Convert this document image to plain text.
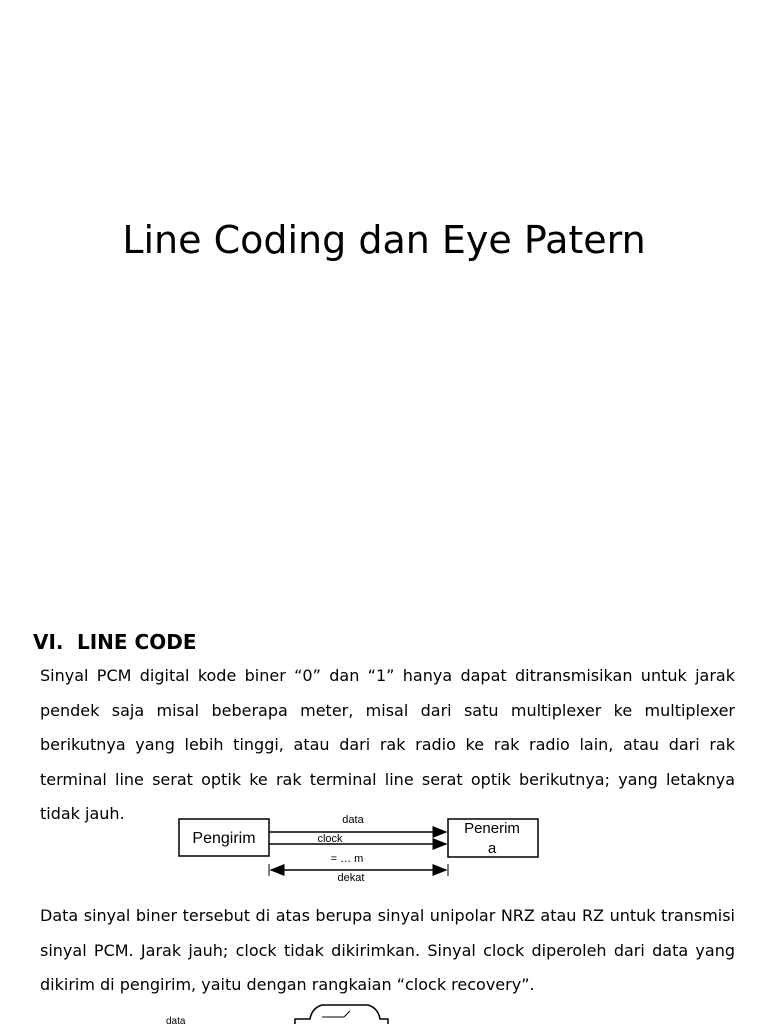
Line Coding dan Eye Patern
VI. LINE CODE
Sinyal PCM digital kode biner “0” dan “1” hanya dapat ditransmisikan untuk jarak pendek saja misal beberapa meter, misal dari satu multiplexer ke multiplexer berikutnya yang lebih tinggi, atau dari rak radio ke rak radio lain, atau dari rak terminal line serat optik ke rak terminal line serat optik berikutnya; yang letaknya tidak jauh.
Pengirim
Penerim
a
data
clock
= … m
dekat
Data sinyal biner tersebut di atas berupa sinyal unipolar NRZ atau RZ untuk transmisi sinyal PCM. Jarak jauh; clock tidak dikirimkan. Sinyal clock diperoleh dari data yang dikirim di pengirim, yaitu dengan rangkaian “clock recovery”.
data
